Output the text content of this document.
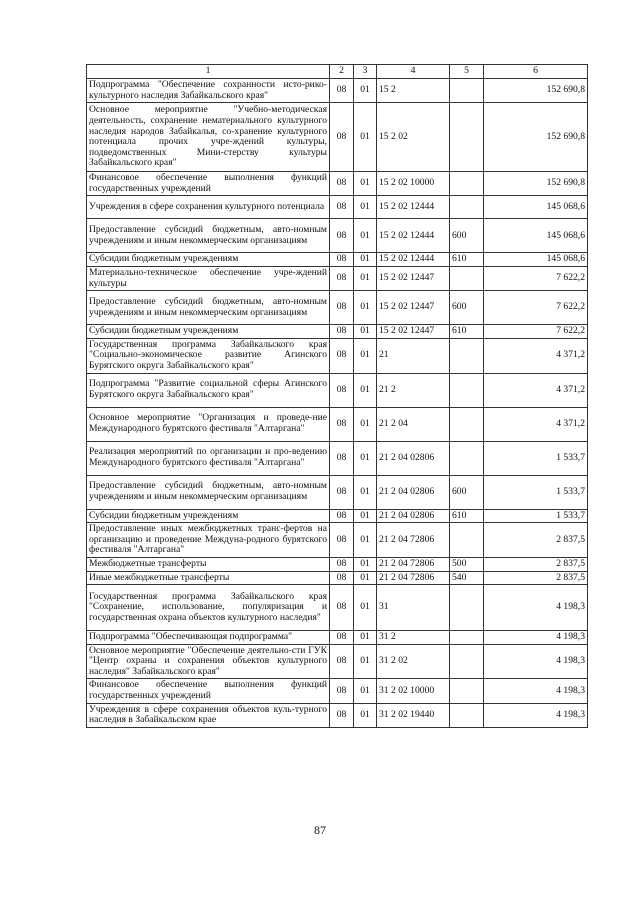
1	2	3	4	5	6
Подпрограмма "Обеспечение сохранности исто-рико-культурного наследия Забайкальского края"	08	01	15 2		152 690,8
Основное мероприятие "Учебно-методическая деятельность, сохранение нематериального культурного наследия народов Забайкалья, со-хранение культурного потенциала прочих учре-ждений культуры, подведомственных Мини-стерству культуры Забайкальского края"	08	01	15 2 02		152 690,8
Финансовое обеспечение выполнения функций государственных учреждений	08	01	15 2 02 10000		152 690,8
Учреждения в сфере сохранения культурного потенциала	08	01	15 2 02 12444		145 068,6
Предоставление субсидий бюджетным, авто-номным учреждениям и иным некоммерческим организациям	08	01	15 2 02 12444	600	145 068,6
Субсидии бюджетным учреждениям	08	01	15 2 02 12444	610	145 068,6
Материально-техническое обеспечение учре-ждений культуры	08	01	15 2 02 12447		7 622,2
Предоставление субсидий бюджетным, авто-номным учреждениям и иным некоммерческим организациям	08	01	15 2 02 12447	600	7 622,2
Субсидии бюджетным учреждениям	08	01	15 2 02 12447	610	7 622,2
Государственная программа Забайкальского края "Социально-экономическое развитие Агинского Бурятского округа Забайкальского края"	08	01	21		4 371,2
Подпрограмма "Развитие социальной сферы Агинского Бурятского округа Забайкальского края"	08	01	21 2		4 371,2
Основное мероприятие "Организация и проведе-ние Международного бурятского фестиваля "Алтаргана"	08	01	21 2 04		4 371,2
Реализация мероприятий по организации и про-ведению Международного бурятского фестиваля "Алтаргана"	08	01	21 2 04 02806		1 533,7
Предоставление субсидий бюджетным, авто-номным учреждениям и иным некоммерческим организациям	08	01	21 2 04 02806	600	1 533,7
Субсидии бюджетным учреждениям	08	01	21 2 04 02806	610	1 533,7
Предоставление иных межбюджетных транс-фертов на организацию и проведение Междуна-родного бурятского фестиваля "Алтаргана"	08	01	21 2 04 72806		2 837,5
Межбюджетные трансферты	08	01	21 2 04 72806	500	2 837,5
Иные межбюджетные трансферты	08	01	21 2 04 72806	540	2 837,5
Государственная программа Забайкальского края "Сохранение, использование, популяризация и государственная охрана объектов культурного наследия"	08	01	31		4 198,3
Подпрограмма "Обеспечивающая подпрограмма"	08	01	31 2		4 198,3
Основное мероприятие "Обеспечение деятельно-сти ГУК "Центр охраны и сохранения объектов культурного наследия" Забайкальского края"	08	01	31 2 02		4 198,3
Финансовое обеспечение выполнения функций государственных учреждений	08	01	31 2 02 10000		4 198,3
Учреждения в сфере сохранения объектов куль-турного наследия в Забайкальском крае	08	01	31 2 02 19440		4 198,3
87
